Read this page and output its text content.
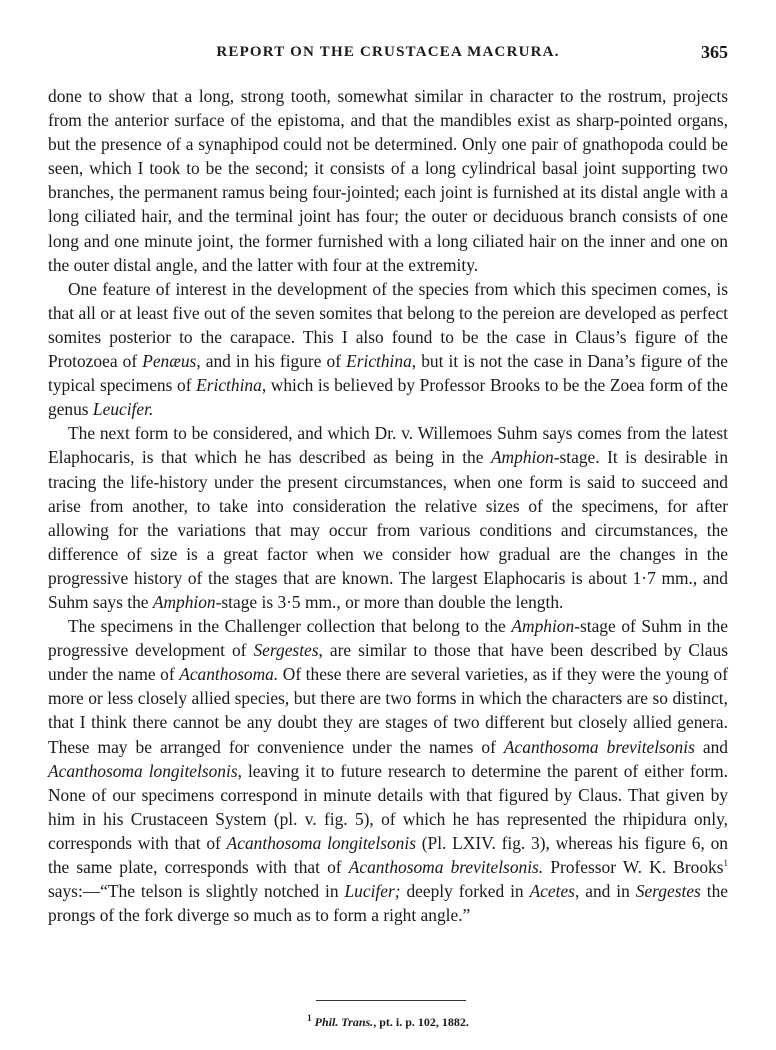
REPORT ON THE CRUSTACEA MACRURA.	365

done to show that a long, strong tooth, somewhat similar in character to the rostrum, projects from the anterior surface of the epistoma, and that the mandibles exist as sharp-pointed organs, but the presence of a synaphipod could not be determined. Only one pair of gnathopoda could be seen, which I took to be the second; it consists of a long cylindrical basal joint supporting two branches, the permanent ramus being four-jointed; each joint is furnished at its distal angle with a long ciliated hair, and the terminal joint has four; the outer or deciduous branch consists of one long and one minute joint, the former furnished with a long ciliated hair on the inner and one on the outer distal angle, and the latter with four at the extremity.

One feature of interest in the development of the species from which this specimen comes, is that all or at least five out of the seven somites that belong to the pereion are developed as perfect somites posterior to the carapace. This I also found to be the case in Claus’s figure of the Protozoea of Penæus, and in his figure of Ericthina, but it is not the case in Dana’s figure of the typical specimens of Ericthina, which is believed by Professor Brooks to be the Zoea form of the genus Leucifer.

The next form to be considered, and which Dr. v. Willemoes Suhm says comes from the latest Elaphocaris, is that which he has described as being in the Amphion-stage. It is desirable in tracing the life-history under the present circumstances, when one form is said to succeed and arise from another, to take into consideration the relative sizes of the specimens, for after allowing for the variations that may occur from various conditions and circumstances, the difference of size is a great factor when we consider how gradual are the changes in the progressive history of the stages that are known. The largest Elaphocaris is about 1·7 mm., and Suhm says the Amphion-stage is 3·5 mm., or more than double the length.

The specimens in the Challenger collection that belong to the Amphion-stage of Suhm in the progressive development of Sergestes, are similar to those that have been described by Claus under the name of Acanthosoma. Of these there are several varieties, as if they were the young of more or less closely allied species, but there are two forms in which the characters are so distinct, that I think there cannot be any doubt they are stages of two different but closely allied genera. These may be arranged for convenience under the names of Acanthosoma brevitelsonis and Acanthosoma longitelsonis, leaving it to future research to determine the parent of either form. None of our specimens correspond in minute details with that figured by Claus. That given by him in his Crustaceen System (pl. v. fig. 5), of which he has represented the rhipidura only, corresponds with that of Acanthosoma longitelsonis (Pl. LXIV. fig. 3), whereas his figure 6, on the same plate, corresponds with that of Acanthosoma brevitelsonis. Professor W. K. Brooks$^1$ says:—“The telson is slightly notched in Lucifer; deeply forked in Acetes, and in Sergestes the prongs of the fork diverge so much as to form a right angle.”

$^1$ Phil. Trans., pt. i. p. 102, 1882.
